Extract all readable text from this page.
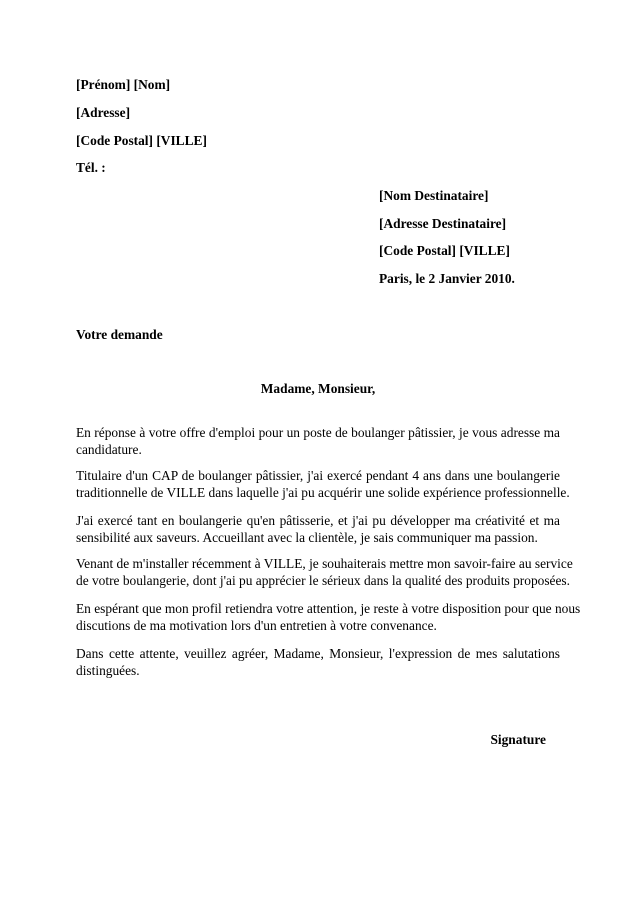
[Prénom] [Nom]
[Adresse]
[Code Postal] [VILLE]
Tél. :
[Nom Destinataire]
[Adresse Destinataire]
[Code Postal] [VILLE]
Paris, le 2 Janvier 2010.
Votre demande
Madame, Monsieur,

En réponse à votre offre d'emploi pour un poste de boulanger pâtissier, je vous adresse ma
candidature.

Titulaire d'un CAP de boulanger pâtissier, j'ai exercé pendant 4 ans dans une boulangerie
traditionnelle de VILLE dans laquelle j'ai pu acquérir une solide expérience professionnelle.

J'ai exercé tant en boulangerie qu'en pâtisserie, et j'ai pu développer ma créativité et ma
sensibilité aux saveurs. Accueillant avec la clientèle, je sais communiquer ma passion.

Venant de m'installer récemment à VILLE, je souhaiterais mettre mon savoir-faire au service
de votre boulangerie, dont j'ai pu apprécier le sérieux dans la qualité des produits proposées.

En espérant que mon profil retiendra votre attention, je reste à votre disposition pour que nous
discutions de ma motivation lors d'un entretien à votre convenance.

Dans cette attente, veuillez agréer, Madame, Monsieur, l'expression de mes salutations
distinguées.

Signature
